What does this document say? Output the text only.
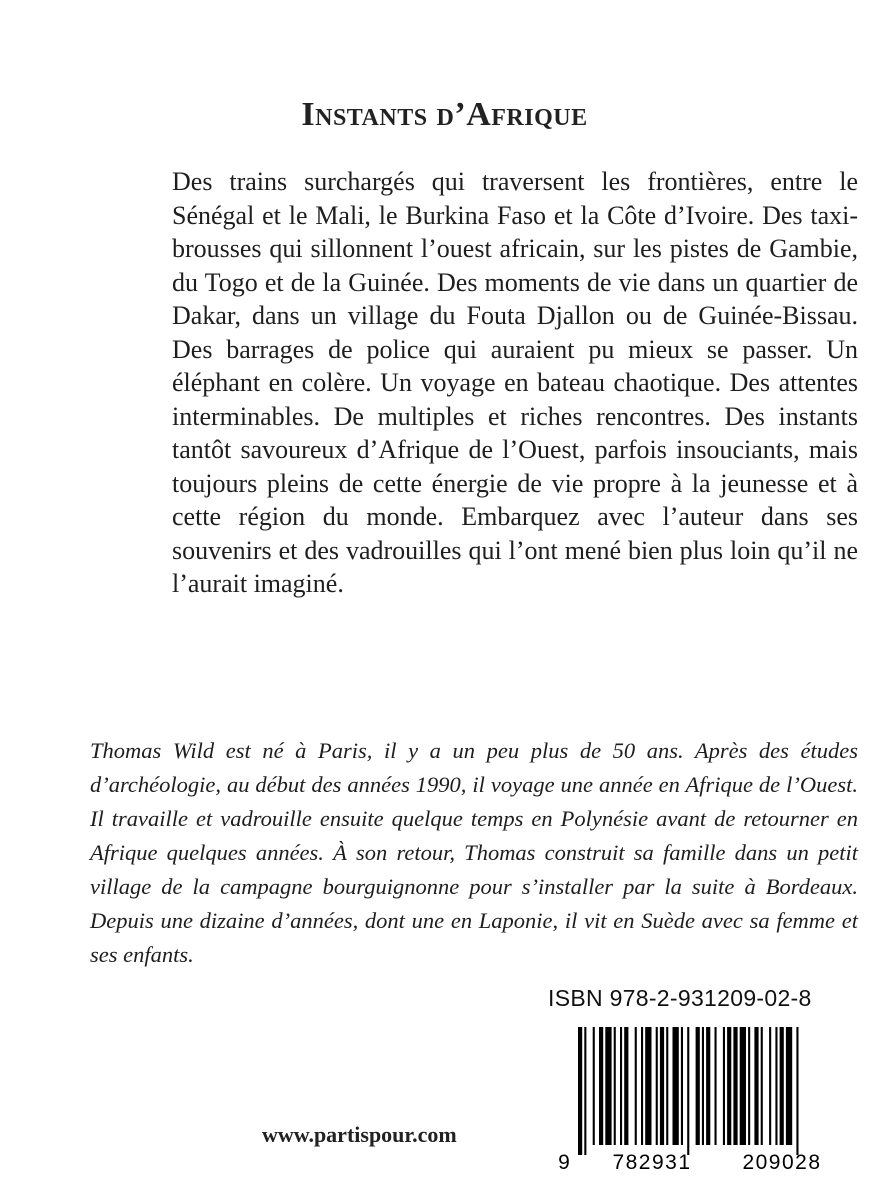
Instants d’Afrique

Des trains surchargés qui traversent les frontières, entre le Sénégal et le Mali, le Burkina Faso et la Côte d’Ivoire. Des taxi-brousses qui sillonnent l’ouest africain, sur les pistes de Gambie, du Togo et de la Guinée. Des moments de vie dans un quartier de Dakar, dans un village du Fouta Djallon ou de Guinée-Bissau. Des barrages de police qui auraient pu mieux se passer. Un éléphant en colère. Un voyage en bateau chaotique. Des attentes interminables. De multiples et riches rencontres. Des instants tantôt savoureux d’Afrique de l’Ouest, parfois insouciants, mais toujours pleins de cette énergie de vie propre à la jeunesse et à cette région du monde. Embarquez avec l’auteur dans ses souvenirs et des vadrouilles qui l’ont mené bien plus loin qu’il ne l’aurait imaginé.

Thomas Wild est né à Paris, il y a un peu plus de 50 ans. Après des études d’archéologie, au début des années 1990, il voyage une année en Afrique de l’Ouest. Il travaille et vadrouille ensuite quelque temps en Polynésie avant de retourner en Afrique quelques années. À son retour, Thomas construit sa famille dans un petit village de la campagne bourguignonne pour s’installer par la suite à Bordeaux. Depuis une dizaine d’années, dont une en Laponie, il vit en Suède avec sa femme et ses enfants.

ISBN 978-2-931209-02-8
9 782931 209028
www.partispour.com
